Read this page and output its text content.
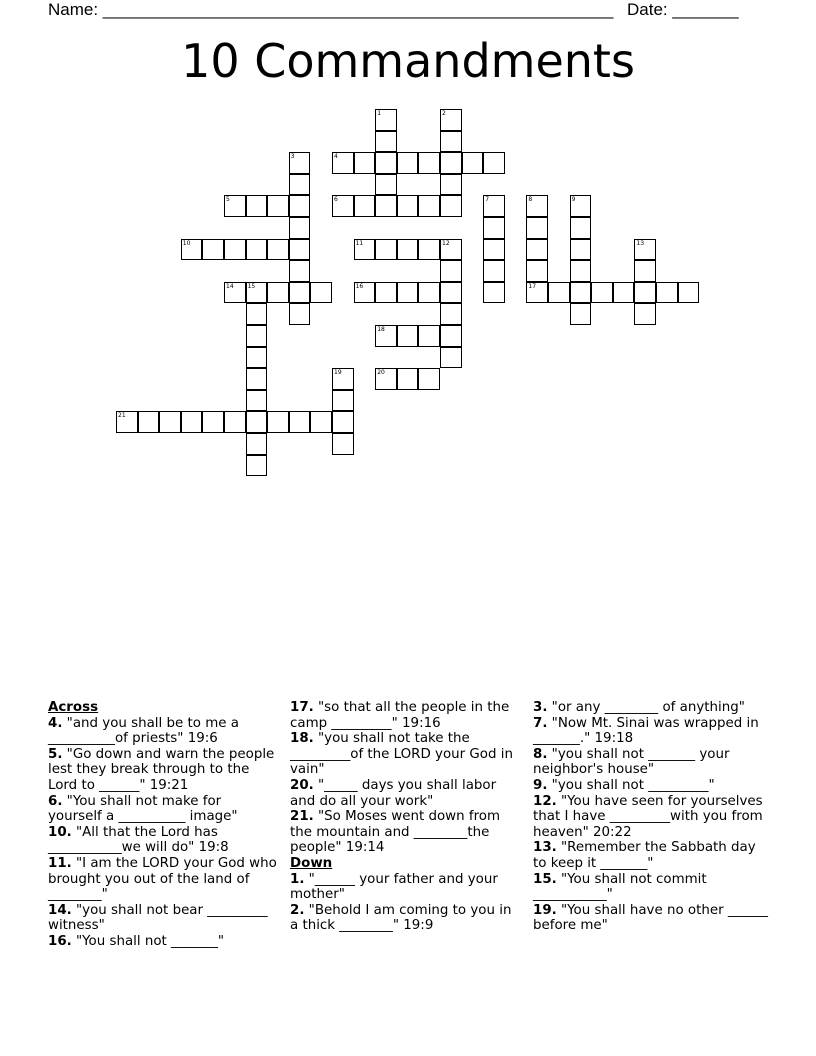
Name: ______________________________________________________ Date: _______
10 Commandments
1	2
3	4
5	6	7	8	9
10	11	12	13
14 15	16	17
18
19	20
21
Across
4. "and you shall be to me a __________of priests" 19:6
5. "Go down and warn the people lest they break through to the Lord to ______" 19:21
6. "You shall not make for yourself a __________ image"
10. "All that the Lord has ___________we will do" 19:8
11. "I am the LORD your God who brought you out of the land of ________"
14. "you shall not bear _________ witness"
16. "You shall not _______"
17. "so that all the people in the camp _________" 19:16
18. "you shall not take the _________of the LORD your God in vain"
20. "_____ days you shall labor and do all your work"
21. "So Moses went down from the mountain and ________the people" 19:14
Down
1. "______ your father and your mother"
2. "Behold I am coming to you in a thick ________" 19:9
3. "or any ________ of anything"
7. "Now Mt. Sinai was wrapped in _______." 19:18
8. "you shall not _______ your neighbor's house"
9. "you shall not _________"
12. "You have seen for yourselves that I have _________with you from heaven" 20:22
13. "Remember the Sabbath day to keep it _______"
15. "You shall not commit ___________"
19. "You shall have no other ______ before me"
